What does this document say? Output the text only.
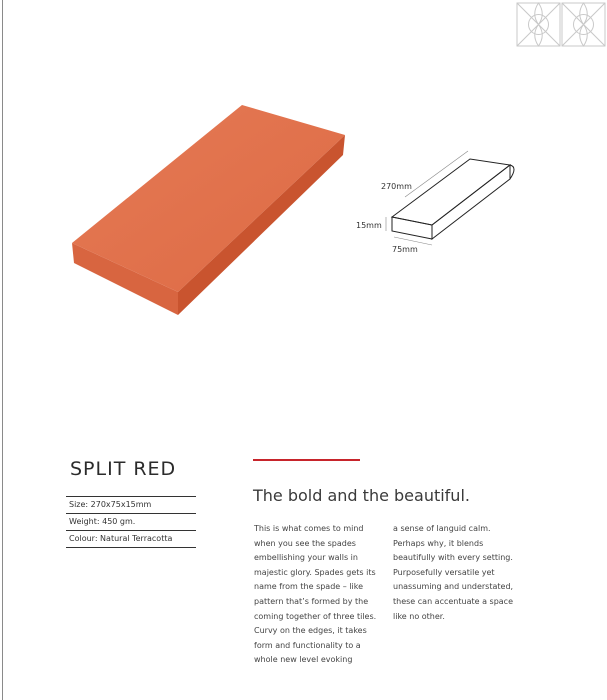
270mm
15mm
75mm
SPLIT RED
Size: 270x75x15mm
Weight: 450 gm.
Colour: Natural Terracotta
The bold and the beautiful.

This is what comes to mind when you see the spades embellishing your walls in majestic glory. Spades gets its name from the spade – like pattern that’s formed by the coming together of three tiles. Curvy on the edges, it takes form and functionality to a whole new level evoking

a sense of languid calm. Perhaps why, it blends beautifully with every setting. Purposefully versatile yet unassuming and understated, these can accentuate a space like no other.
